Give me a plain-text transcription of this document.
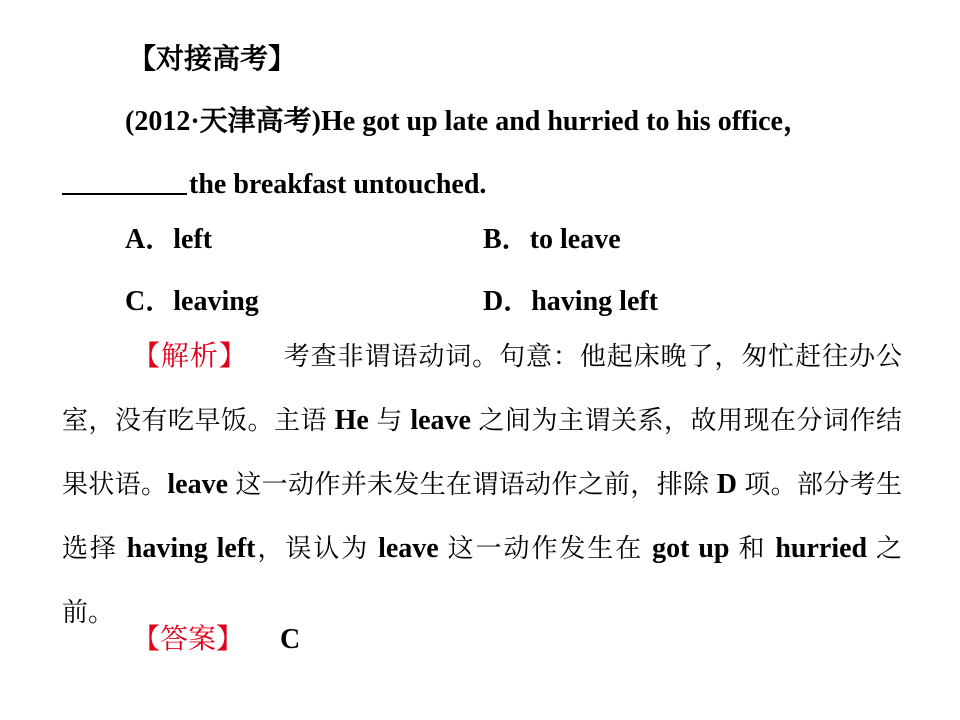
【对接高考】
(2012·天津高考)He got up late and hurried to his office，
the breakfast untouched.
A．left	B．to leave
C．leaving	D．having left
【解析】 考查非谓语动词。句意：他起床晚了，匆忙赶往办公室，没有吃早饭。主语 He 与 leave 之间为主谓关系，故用现在分词作结果状语。leave 这一动作并未发生在谓语动作之前，排除 D 项。部分考生选择 having left，误认为 leave 这一动作发生在 got up 和 hurried 之前。
【答案】 C
